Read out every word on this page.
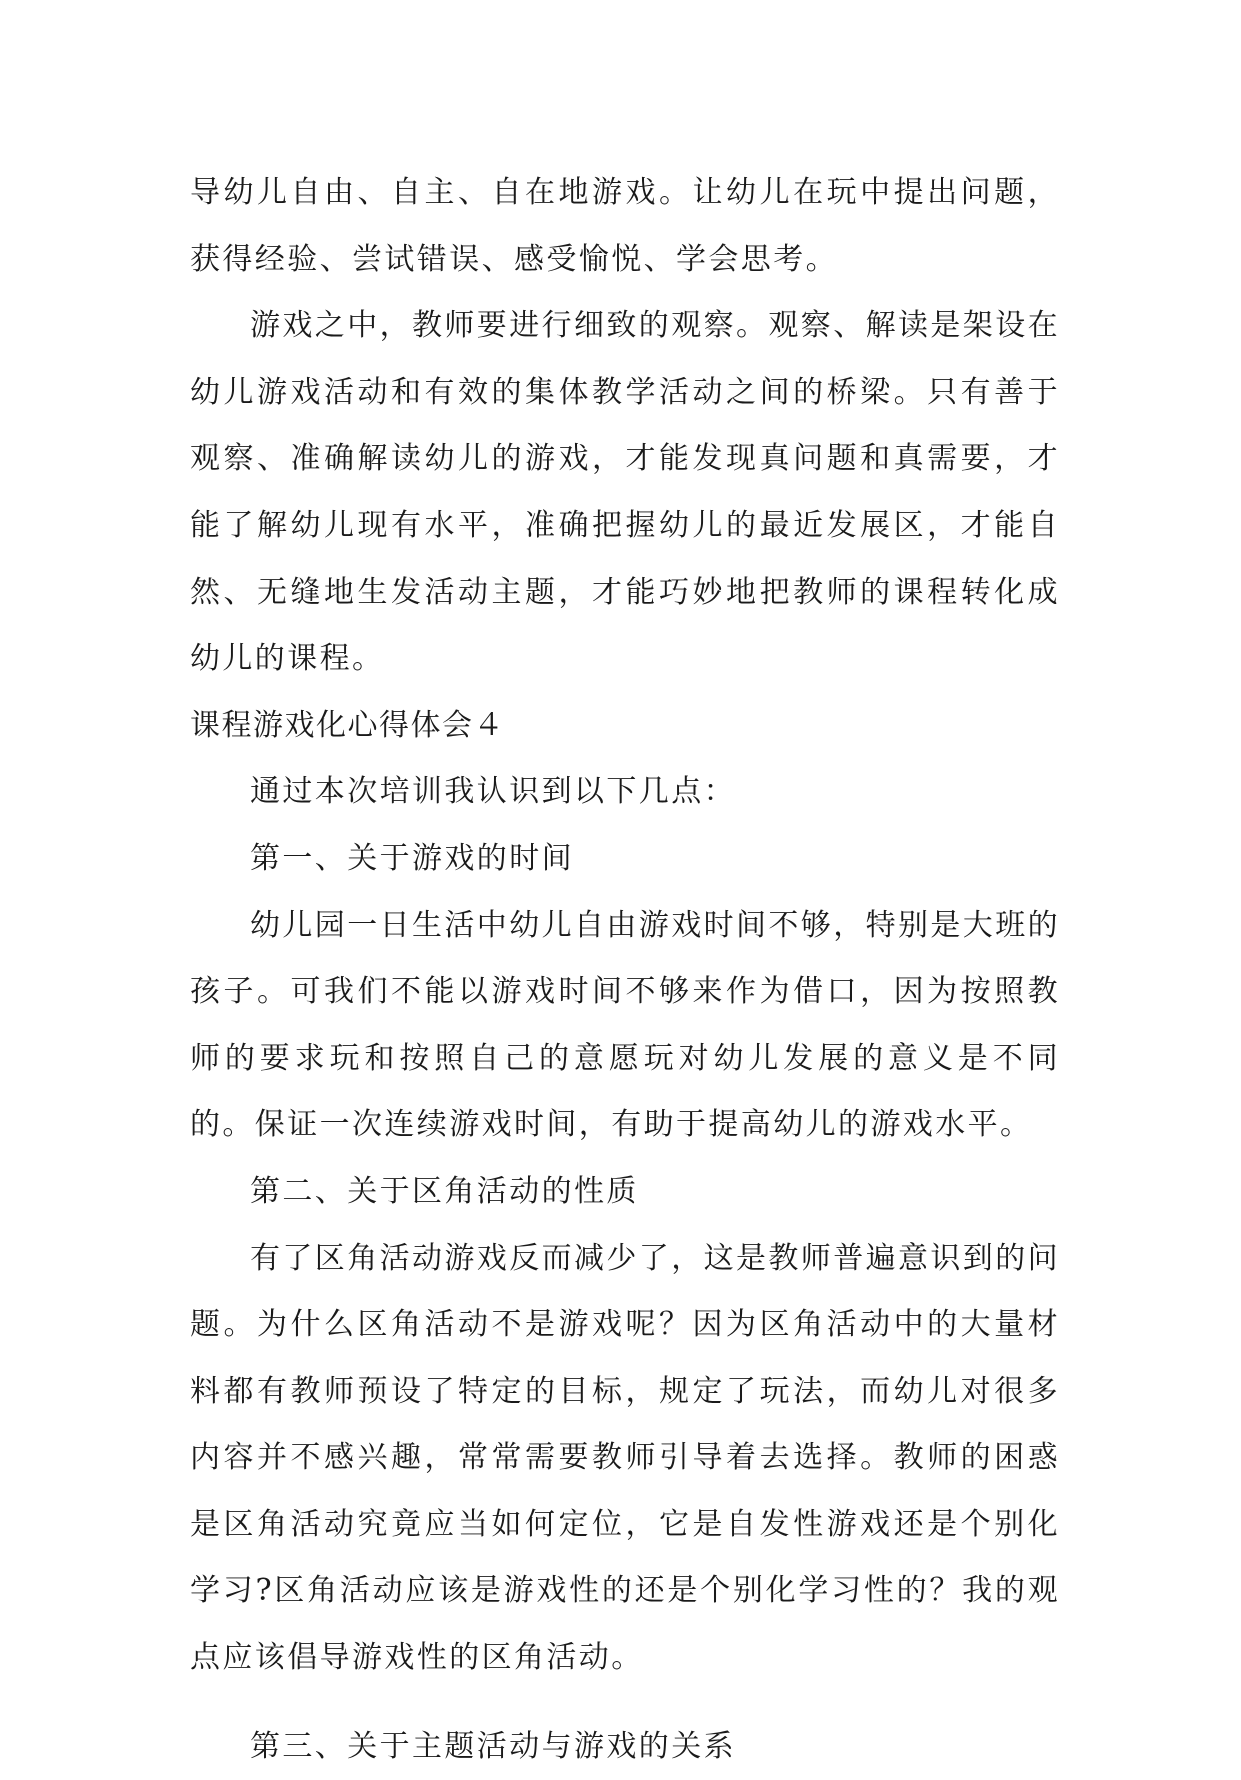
导幼儿自由、自主、自在地游戏。让幼儿在玩中提出问题，获得经验、尝试错误、感受愉悦、学会思考。

游戏之中，教师要进行细致的观察。观察、解读是架设在幼儿游戏活动和有效的集体教学活动之间的桥梁。只有善于观察、准确解读幼儿的游戏，才能发现真问题和真需要，才能了解幼儿现有水平，准确把握幼儿的最近发展区，才能自然、无缝地生发活动主题，才能巧妙地把教师的课程转化成幼儿的课程。

课程游戏化心得体会４

通过本次培训我认识到以下几点：

第一、关于游戏的时间

幼儿园一日生活中幼儿自由游戏时间不够，特别是大班的孩子。可我们不能以游戏时间不够来作为借口，因为按照教师的要求玩和按照自己的意愿玩对幼儿发展的意义是不同的。保证一次连续游戏时间，有助于提高幼儿的游戏水平。

第二、关于区角活动的性质

有了区角活动游戏反而减少了，这是教师普遍意识到的问题。为什么区角活动不是游戏呢？因为区角活动中的大量材料都有教师预设了特定的目标，规定了玩法，而幼儿对很多内容并不感兴趣，常常需要教师引导着去选择。教师的困惑是区角活动究竟应当如何定位，它是自发性游戏还是个别化学习?区角活动应该是游戏性的还是个别化学习性的？我的观点应该倡导游戏性的区角活动。

第三、关于主题活动与游戏的关系
